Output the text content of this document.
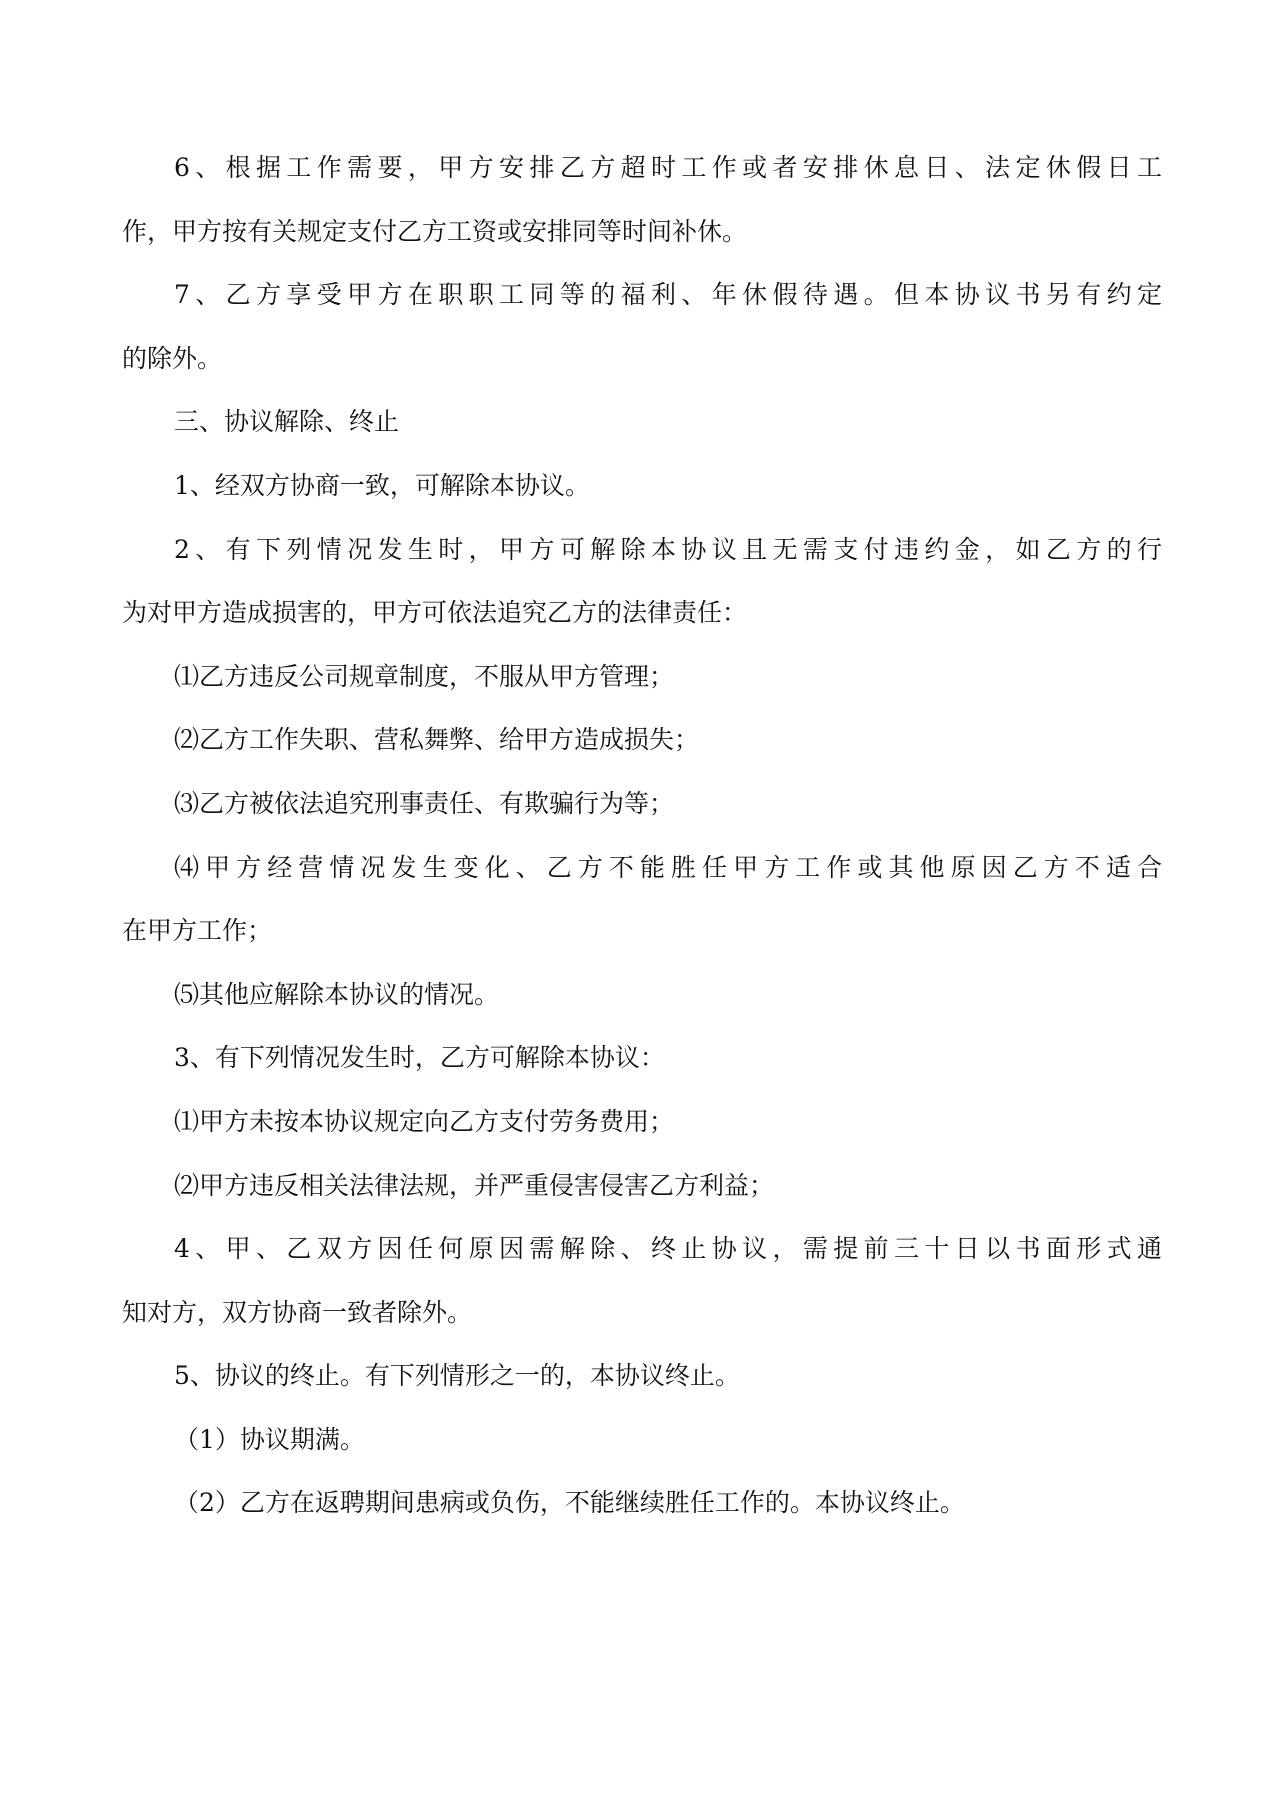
6、根据工作需要，甲方安排乙方超时工作或者安排休息日、法定休假日工
作，甲方按有关规定支付乙方工资或安排同等时间补休。
7、乙方享受甲方在职职工同等的福利、年休假待遇。但本协议书另有约定
的除外。
三、协议解除、终止
1、经双方协商一致，可解除本协议。
2、有下列情况发生时，甲方可解除本协议且无需支付违约金，如乙方的行
为对甲方造成损害的，甲方可依法追究乙方的法律责任：
⑴乙方违反公司规章制度，不服从甲方管理；
⑵乙方工作失职、营私舞弊、给甲方造成损失；
⑶乙方被依法追究刑事责任、有欺骗行为等；
⑷甲方经营情况发生变化、乙方不能胜任甲方工作或其他原因乙方不适合
在甲方工作；
⑸其他应解除本协议的情况。
3、有下列情况发生时，乙方可解除本协议：
⑴甲方未按本协议规定向乙方支付劳务费用；
⑵甲方违反相关法律法规，并严重侵害侵害乙方利益；
4、甲、乙双方因任何原因需解除、终止协议，需提前三十日以书面形式通
知对方，双方协商一致者除外。
5、协议的终止。有下列情形之一的，本协议终止。
（1）协议期满。
（2）乙方在返聘期间患病或负伤，不能继续胜任工作的。本协议终止。
